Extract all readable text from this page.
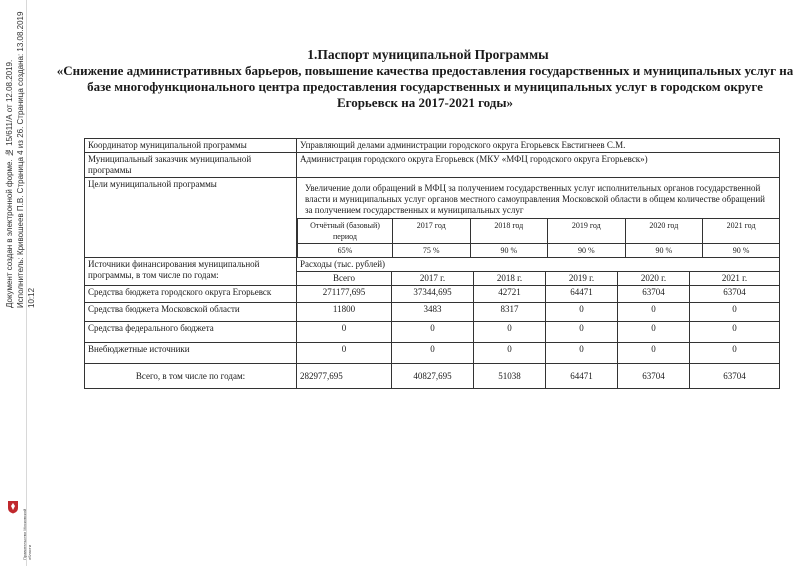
Документ создан в электронной форме. № 15/611/А от 12.08.2019. Исполнитель: Кривошеев П.В. Страница 4 из 26. Страница создана: 13.08.2019 10:12
Правительство Московской области
1.Паспорт муниципальной Программы
«Снижение административных барьеров, повышение качества предоставления государственных и муниципальных услуг на базе многофункционального центра предоставления государственных и муниципальных услуг в городском округе Егорьевск на 2017-2021 годы»
Координатор муниципальной программы	Управляющий делами администрации городского округа Егорьевск Евстигнеев С.М.
Муниципальный заказчик муниципальной программы	Администрация городского округа Егорьевск (МКУ «МФЦ городского округа Егорьевск»)
Цели муниципальной программы	Увеличение доли обращений в МФЦ за получением государственных услуг исполнительных органов государственной власти и муниципальных услуг органов местного самоуправления Московской области в общем количестве обращений за получением государственных и муниципальных услуг
Отчётный (базовый) период	2017 год	2018 год	2019 год	2020 год	2021 год
65%	75 %	90 %	90 %	90 %	90 %

Источники финансирования муниципальной программы, в том числе по годам:	Расходы (тыс. рублей)
Всего	2017 г.	2018 г.	2019 г.	2020 г.	2021 г.
Средства бюджета городского округа Егорьевск	271177,695	37344,695	42721	64471	63704	63704
Средства бюджета Московской области	11800	3483	8317	0	0	0
Средства федерального бюджета	0	0	0	0	0	0
Внебюджетные источники	0	0	0	0	0	0
Всего, в том числе по годам:	282977,695	40827,695	51038	64471	63704	63704
